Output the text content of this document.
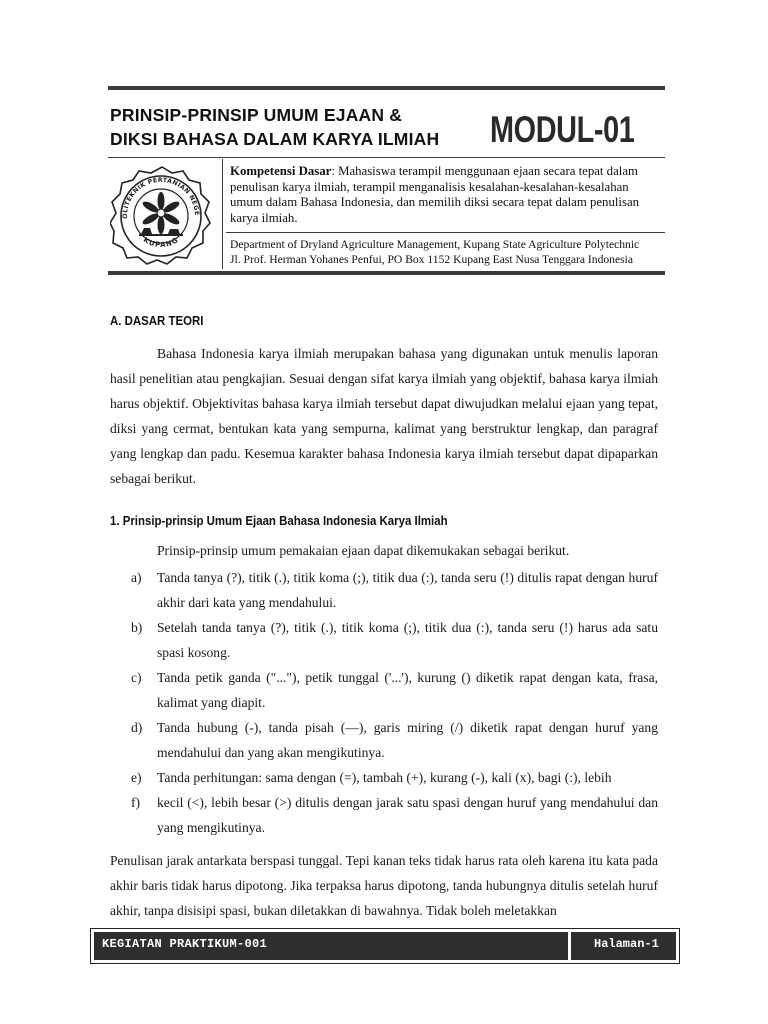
PRINSIP-PRINSIP UMUM EJAAN &
DIKSI BAHASA DALAM KARYA ILMIAH	MODUL-01
OLITEKNIK PERTANIAN NEGE
KUPANG
Kompetensi Dasar: Mahasiswa terampil menggunaan ejaan secara tepat dalam penulisan karya ilmiah, terampil menganalisis kesalahan-kesalahan-kesalahan umum dalam Bahasa Indonesia, dan memilih diksi secara tepat dalam penulisan karya ilmiah.
Department of Dryland Agriculture Management, Kupang State Agriculture Polytechnic
Jl. Prof. Herman Yohanes Penfui, PO Box 1152 Kupang East Nusa Tenggara Indonesia
A. DASAR TEORI
Bahasa Indonesia karya ilmiah merupakan bahasa yang digunakan untuk menulis laporan hasil penelitian atau pengkajian. Sesuai dengan sifat karya ilmiah yang objektif, bahasa karya ilmiah harus objektif. Objektivitas bahasa karya ilmiah tersebut dapat diwujudkan melalui ejaan yang tepat, diksi yang cermat, bentukan kata yang sempurna, kalimat yang berstruktur lengkap, dan paragraf yang lengkap dan padu. Kesemua karakter bahasa Indonesia karya ilmiah tersebut dapat dipaparkan sebagai berikut.
1. Prinsip-prinsip Umum Ejaan Bahasa Indonesia Karya Ilmiah
Prinsip-prinsip umum pemakaian ejaan dapat dikemukakan sebagai berikut.
a) Tanda tanya (?), titik (.), titik koma (;), titik dua (:), tanda seru (!) ditulis rapat dengan huruf akhir dari kata yang mendahului.
b) Setelah tanda tanya (?), titik (.), titik koma (;), titik dua (:), tanda seru (!) harus ada satu spasi kosong.
c) Tanda petik ganda ("..."), petik tunggal ('...'), kurung () diketik rapat dengan kata, frasa, kalimat yang diapit.
d) Tanda hubung (-), tanda pisah (—), garis miring (/) diketik rapat dengan huruf yang mendahului dan yang akan mengikutinya.
e) Tanda perhitungan: sama dengan (=), tambah (+), kurang (-), kali (x), bagi (:), lebih
f) kecil (<), lebih besar (>) ditulis dengan jarak satu spasi dengan huruf yang mendahului dan yang mengikutinya.
Penulisan jarak antarkata berspasi tunggal. Tepi kanan teks tidak harus rata oleh karena itu kata pada akhir baris tidak harus dipotong. Jika terpaksa harus dipotong, tanda hubungnya ditulis setelah huruf akhir, tanpa disisipi spasi, bukan diletakkan di bawahnya. Tidak boleh meletakkan
KEGIATAN PRAKTIKUM-001	Halaman-1
